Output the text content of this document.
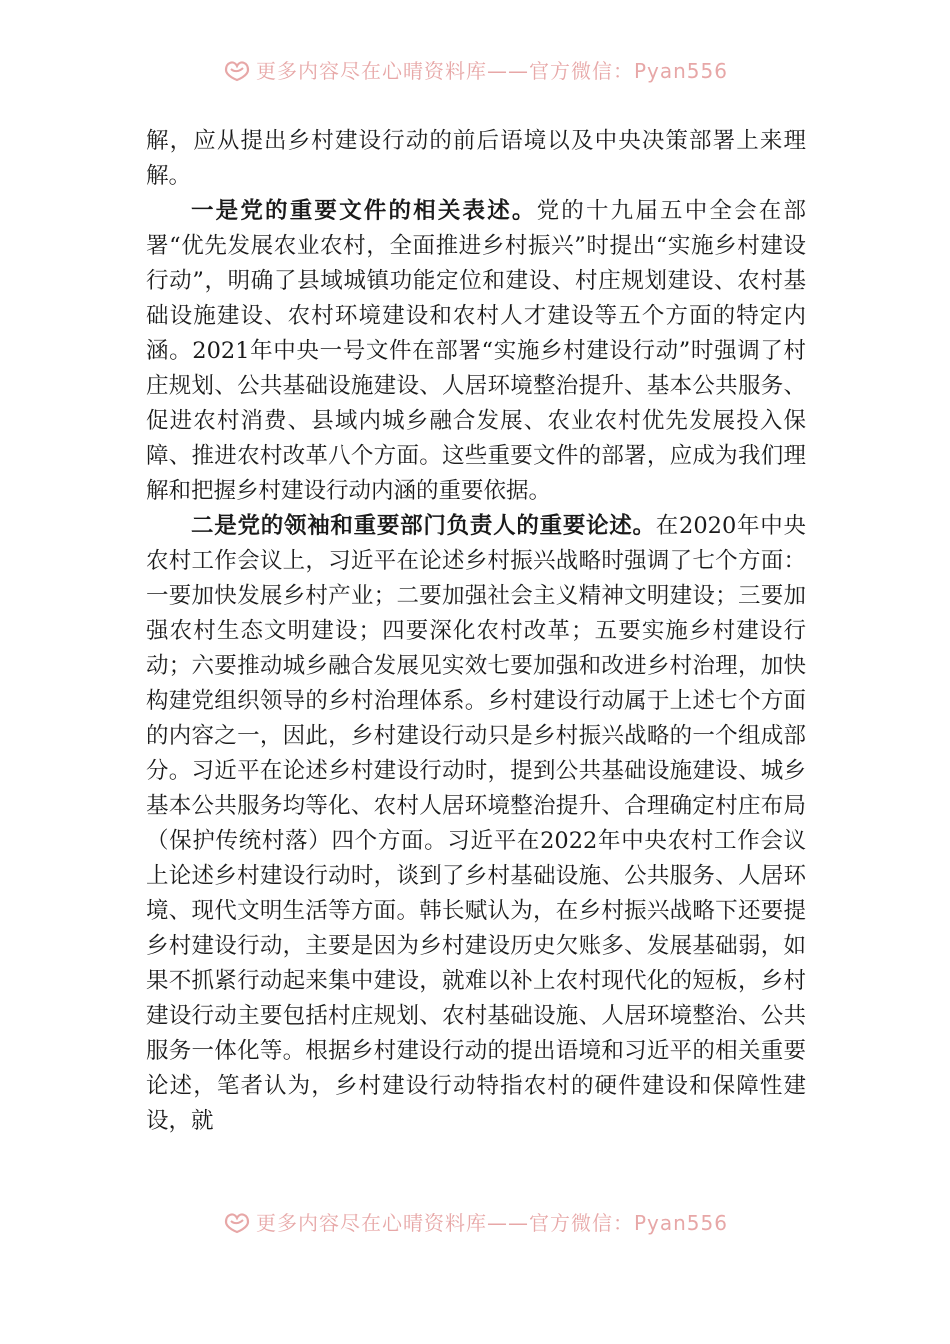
更多内容尽在心晴资料库——官方微信：Pyan556

解，应从提出乡村建设行动的前后语境以及中央决策部署上来理解。

一是党的重要文件的相关表述。党的十九届五中全会在部署“优先发展农业农村，全面推进乡村振兴”时提出“实施乡村建设行动”，明确了县域城镇功能定位和建设、村庄规划建设、农村基础设施建设、农村环境建设和农村人才建设等五个方面的特定内涵。2021年中央一号文件在部署“实施乡村建设行动”时强调了村庄规划、公共基础设施建设、人居环境整治提升、基本公共服务、促进农村消费、县域内城乡融合发展、农业农村优先发展投入保障、推进农村改革八个方面。这些重要文件的部署，应成为我们理解和把握乡村建设行动内涵的重要依据。

二是党的领袖和重要部门负责人的重要论述。在2020年中央农村工作会议上，习近平在论述乡村振兴战略时强调了七个方面：一要加快发展乡村产业；二要加强社会主义精神文明建设；三要加强农村生态文明建设；四要深化农村改革；五要实施乡村建设行动；六要推动城乡融合发展见实效七要加强和改进乡村治理，加快构建党组织领导的乡村治理体系。乡村建设行动属于上述七个方面的内容之一，因此，乡村建设行动只是乡村振兴战略的一个组成部分。习近平在论述乡村建设行动时，提到公共基础设施建设、城乡基本公共服务均等化、农村人居环境整治提升、合理确定村庄布局（保护传统村落）四个方面。习近平在2022年中央农村工作会议上论述乡村建设行动时，谈到了乡村基础设施、公共服务、人居环境、现代文明生活等方面。韩长赋认为，在乡村振兴战略下还要提乡村建设行动，主要是因为乡村建设历史欠账多、发展基础弱，如果不抓紧行动起来集中建设，就难以补上农村现代化的短板，乡村建设行动主要包括村庄规划、农村基础设施、人居环境整治、公共服务一体化等。根据乡村建设行动的提出语境和习近平的相关重要论述，笔者认为，乡村建设行动特指农村的硬件建设和保障性建设，就

更多内容尽在心晴资料库——官方微信：Pyan556
